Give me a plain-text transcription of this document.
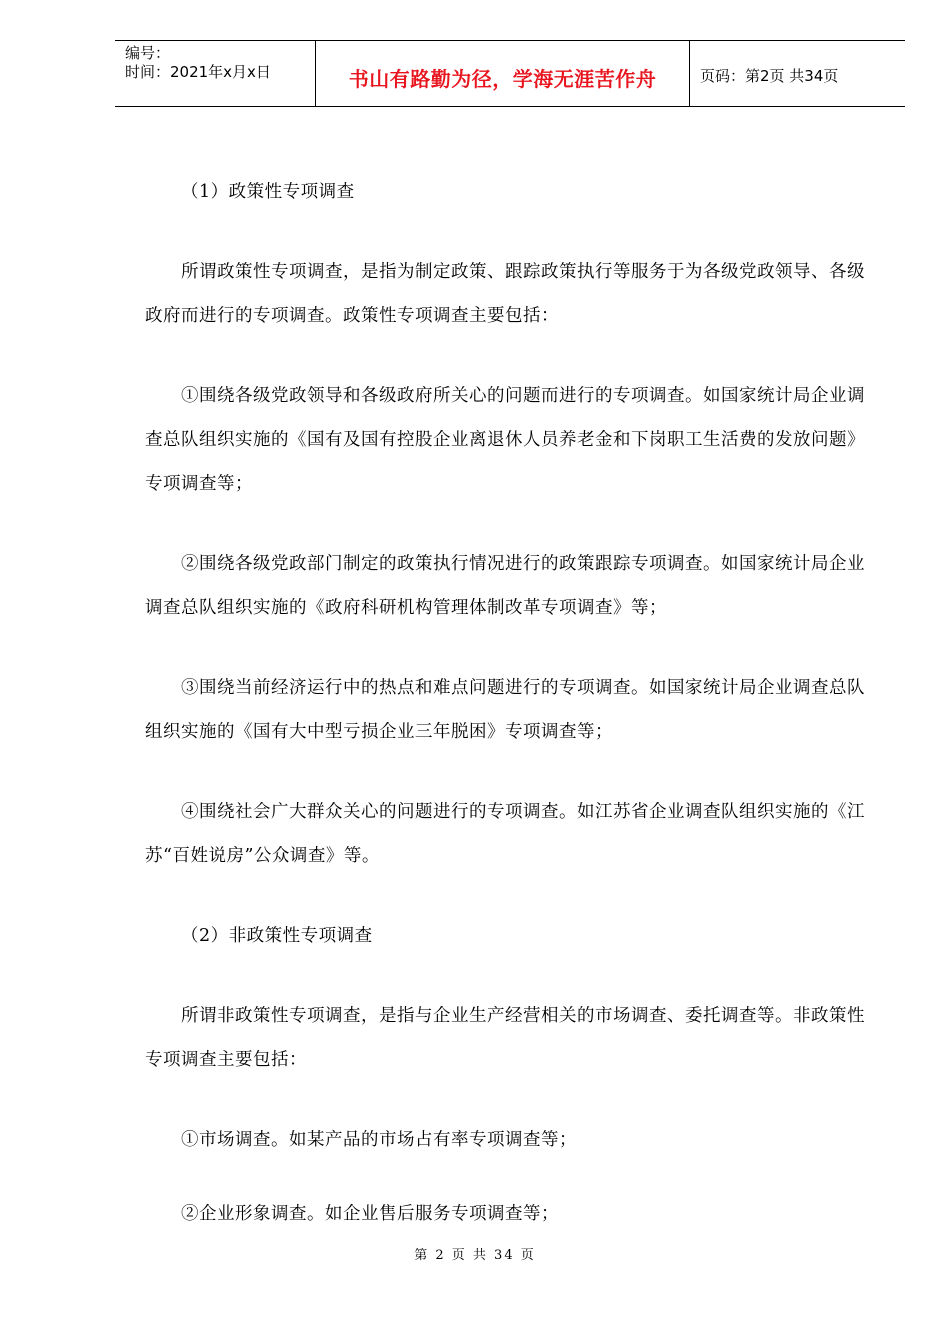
编号：
时间：2021年x月x日	书山有路勤为径，学海无涯苦作舟	页码：第2页 共34页

（1）政策性专项调查

所谓政策性专项调查，是指为制定政策、跟踪政策执行等服务于为各级党政领导、各级政府而进行的专项调查。政策性专项调查主要包括：

①围绕各级党政领导和各级政府所关心的问题而进行的专项调查。如国家统计局企业调查总队组织实施的《国有及国有控股企业离退休人员养老金和下岗职工生活费的发放问题》专项调查等；

②围绕各级党政部门制定的政策执行情况进行的政策跟踪专项调查。如国家统计局企业调查总队组织实施的《政府科研机构管理体制改革专项调查》等；

③围绕当前经济运行中的热点和难点问题进行的专项调查。如国家统计局企业调查总队组织实施的《国有大中型亏损企业三年脱困》专项调查等；

④围绕社会广大群众关心的问题进行的专项调查。如江苏省企业调查队组织实施的《江苏“百姓说房”公众调查》等。

（2）非政策性专项调查

所谓非政策性专项调查，是指与企业生产经营相关的市场调查、委托调查等。非政策性专项调查主要包括：

①市场调查。如某产品的市场占有率专项调查等；

②企业形象调查。如企业售后服务专项调查等；

第 2 页 共 34 页
